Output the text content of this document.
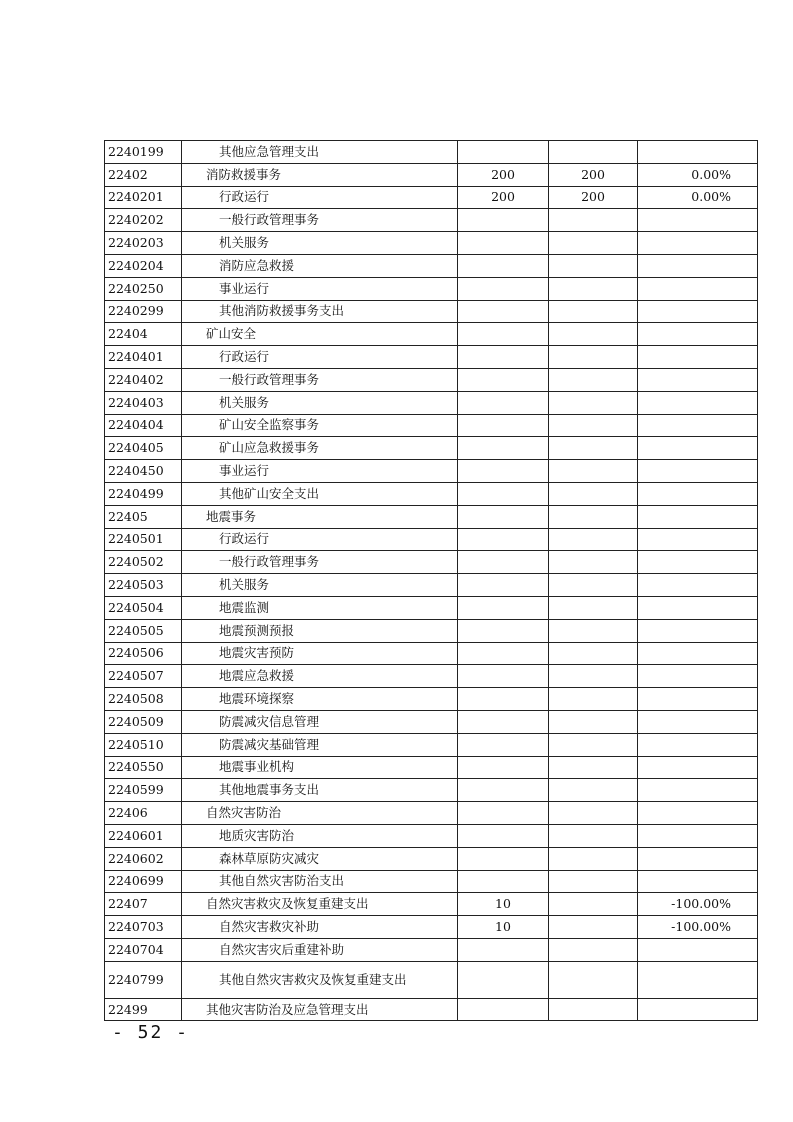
2240199	其他应急管理支出			
22402	消防救援事务	200	200	0.00%
2240201	行政运行	200	200	0.00%
2240202	一般行政管理事务			
2240203	机关服务			
2240204	消防应急救援			
2240250	事业运行			
2240299	其他消防救援事务支出			
22404	矿山安全			
2240401	行政运行			
2240402	一般行政管理事务			
2240403	机关服务			
2240404	矿山安全监察事务			
2240405	矿山应急救援事务			
2240450	事业运行			
2240499	其他矿山安全支出			
22405	地震事务			
2240501	行政运行			
2240502	一般行政管理事务			
2240503	机关服务			
2240504	地震监测			
2240505	地震预测预报			
2240506	地震灾害预防			
2240507	地震应急救援			
2240508	地震环境探察			
2240509	防震减灾信息管理			
2240510	防震减灾基础管理			
2240550	地震事业机构			
2240599	其他地震事务支出			
22406	自然灾害防治			
2240601	地质灾害防治			
2240602	森林草原防灾减灾			
2240699	其他自然灾害防治支出			
22407	自然灾害救灾及恢复重建支出	10		-100.00%
2240703	自然灾害救灾补助	10		-100.00%
2240704	自然灾害灾后重建补助			
2240799	其他自然灾害救灾及恢复重建支出			
22499	其他灾害防治及应急管理支出			
- 52 -
